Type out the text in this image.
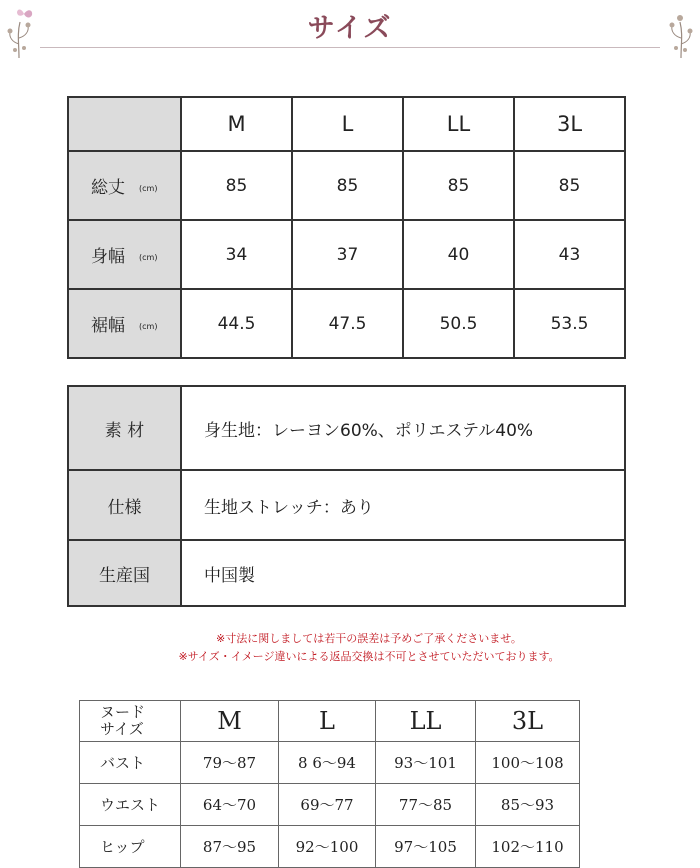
サイズ
	M	L	LL	3L
総丈 (cm)	85	85	85	85
身幅 (cm)	34	37	40	43
裾幅 (cm)	44.5	47.5	50.5	53.5
素 材	身生地：レーヨン60%、ポリエステル40%
仕様	生地ストレッチ：あり
生産国	中国製
※寸法に関しましては若干の誤差は予めご了承くださいませ。
※サイズ・イメージ違いによる返品交換は不可とさせていただいております。
ヌード
サイズ	M	L	LL	3L
バスト	79～87	8 6～94	93～101	100～108
ウエスト	64～70	69～77	77～85	85～93
ヒップ	87～95	92～100	97～105	102～110
